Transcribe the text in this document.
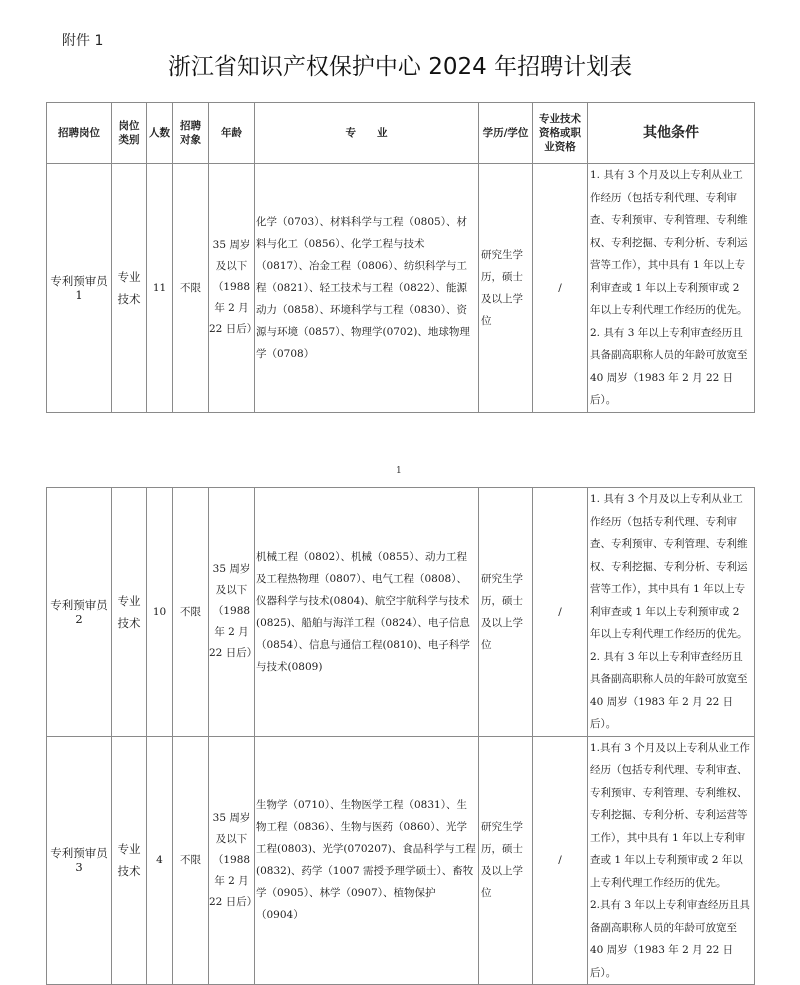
附件 1
浙江省知识产权保护中心 2024 年招聘计划表
招聘岗位	岗位类别	人数	招聘对象	年龄	专　　业	学历/学位	专业技术资格或职业资格	其他条件
专利预审员 1	专业技术	11	不限	35 周岁及以下（1988 年 2 月 22 日后）	化学（0703）、材料科学与工程（0805）、材料与化工（0856）、化学工程与技术（0817）、冶金工程（0806）、纺织科学与工程（0821）、轻工技术与工程（0822）、能源动力（0858）、环境科学与工程（0830）、资源与环境（0857）、物理学(0702)、地球物理学（0708）	研究生学历，硕士及以上学位	/	1. 具有 3 个月及以上专利从业工作经历（包括专利代理、专利审查、专利预审、专利管理、专利维权、专利挖掘、专利分析、专利运营等工作），其中具有 1 年以上专利审查或 1 年以上专利预审或 2 年以上专利代理工作经历的优先。
2. 具有 3 年以上专利审查经历且具备副高职称人员的年龄可放宽至 40 周岁（1983 年 2 月 22 日后）。
1
专利预审员 2	专业技术	10	不限	35 周岁及以下（1988 年 2 月 22 日后）	机械工程（0802）、机械（0855）、动力工程及工程热物理（0807）、电气工程（0808）、仪器科学与技术(0804)、航空宇航科学与技术(0825)、船舶与海洋工程（0824）、电子信息（0854）、信息与通信工程(0810)、电子科学与技术(0809)	研究生学历，硕士及以上学位	/	1. 具有 3 个月及以上专利从业工作经历（包括专利代理、专利审查、专利预审、专利管理、专利维权、专利挖掘、专利分析、专利运营等工作），其中具有 1 年以上专利审查或 1 年以上专利预审或 2 年以上专利代理工作经历的优先。
2. 具有 3 年以上专利审查经历且具备副高职称人员的年龄可放宽至 40 周岁（1983 年 2 月 22 日后）。

专利预审员 3	专业技术	4	不限	35 周岁及以下（1988 年 2 月 22 日后）	生物学（0710）、生物医学工程（0831）、生物工程（0836）、生物与医药（0860）、光学工程(0803)、光学(070207)、食品科学与工程(0832)、药学（1007 需授予理学硕士）、畜牧学（0905）、林学（0907）、植物保护（0904）	研究生学历，硕士及以上学位	/	1.具有 3 个月及以上专利从业工作经历（包括专利代理、专利审查、专利预审、专利管理、专利维权、专利挖掘、专利分析、专利运营等工作），其中具有 1 年以上专利审查或 1 年以上专利预审或 2 年以上专利代理工作经历的优先。
2.具有 3 年以上专利审查经历且具备副高职称人员的年龄可放宽至 40 周岁（1983 年 2 月 22 日后）。
